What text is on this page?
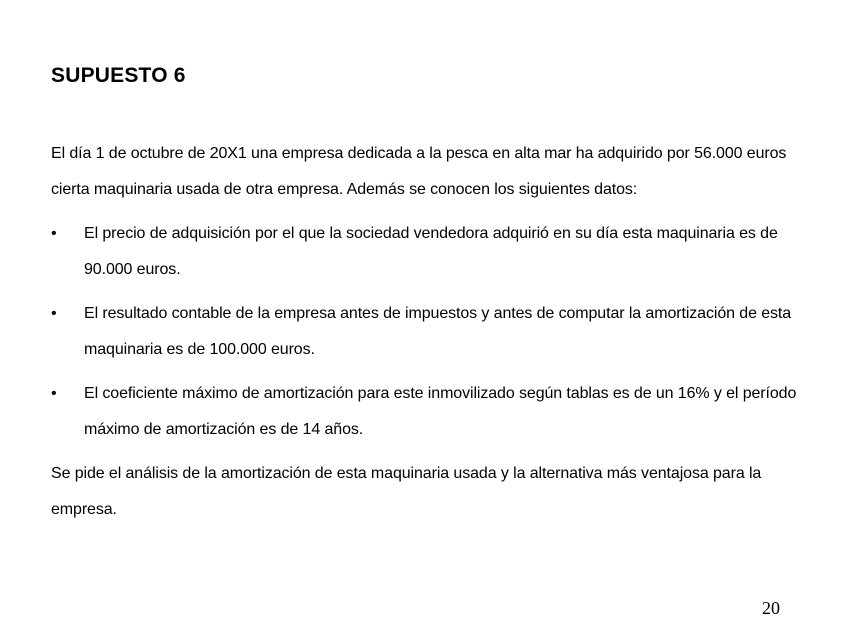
SUPUESTO 6

El día 1 de octubre de 20X1 una empresa dedicada a la pesca en alta mar ha adquirido por 56.000 euros cierta maquinaria usada de otra empresa. Además se conocen los siguientes datos:

•	El precio de adquisición por el que la sociedad vendedora adquirió en su día esta maquinaria es de 90.000 euros.
•	El resultado contable de la empresa antes de impuestos y antes de computar la amortización de esta maquinaria es de 100.000 euros.
•	El coeficiente máximo de amortización para este inmovilizado según tablas es de un 16% y el período máximo de amortización es de 14 años.

Se pide el análisis de la amortización de esta maquinaria usada y la alternativa más ventajosa para la empresa.

20
